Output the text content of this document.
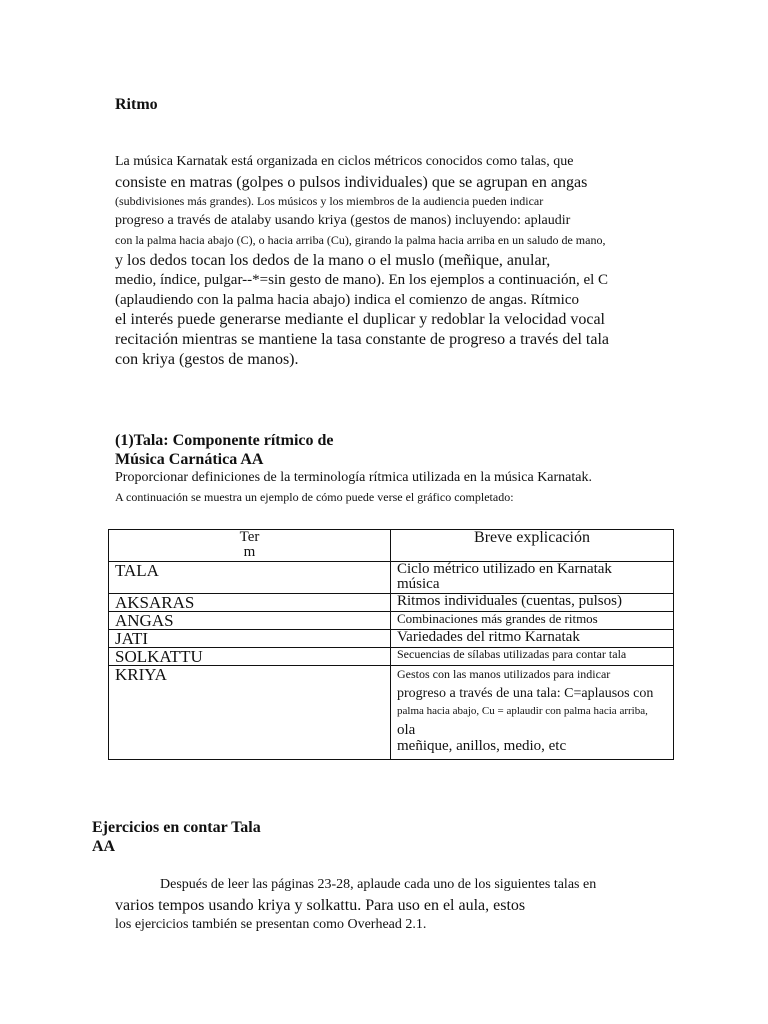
Ritmo
La música Karnatak está organizada en ciclos métricos conocidos como talas, que
consiste en matras (golpes o pulsos individuales) que se agrupan en angas
(subdivisiones más grandes). Los músicos y los miembros de la audiencia pueden indicar
progreso a través de atalaby usando kriya (gestos de manos) incluyendo: aplaudir
con la palma hacia abajo (C), o hacia arriba (Cu), girando la palma hacia arriba en un saludo de mano,
y los dedos tocan los dedos de la mano o el muslo (meñique, anular,
medio, índice, pulgar--*=sin gesto de mano). En los ejemplos a continuación, el C
(aplaudiendo con la palma hacia abajo) indica el comienzo de angas. Rítmico
el interés puede generarse mediante el duplicar y redoblar la velocidad vocal
recitación mientras se mantiene la tasa constante de progreso a través del tala
con kriya (gestos de manos).
(1)Tala: Componente rítmico de
Música Carnática AA
Proporcionar definiciones de la terminología rítmica utilizada en la música Karnatak.
A continuación se muestra un ejemplo de cómo puede verse el gráfico completado:
Ter
m	Breve explicación

TALA	Ciclo métrico utilizado en Karnatak
música

AKSARAS	Ritmos individuales (cuentas, pulsos)

ANGAS	Combinaciones más grandes de ritmos

JATI	Variedades del ritmo Karnatak

SOLKATTU	Secuencias de sílabas utilizadas para contar tala

KRIYA	Gestos con las manos utilizados para indicar
progreso a través de una tala: C=aplausos con
palma hacia abajo, Cu = aplaudir con palma hacia arriba,
ola
meñique, anillos, medio, etc
Ejercicios en contar Tala
AA
Después de leer las páginas 23-28, aplaude cada uno de los siguientes talas en
varios tempos usando kriya y solkattu. Para uso en el aula, estos
los ejercicios también se presentan como Overhead 2.1.
